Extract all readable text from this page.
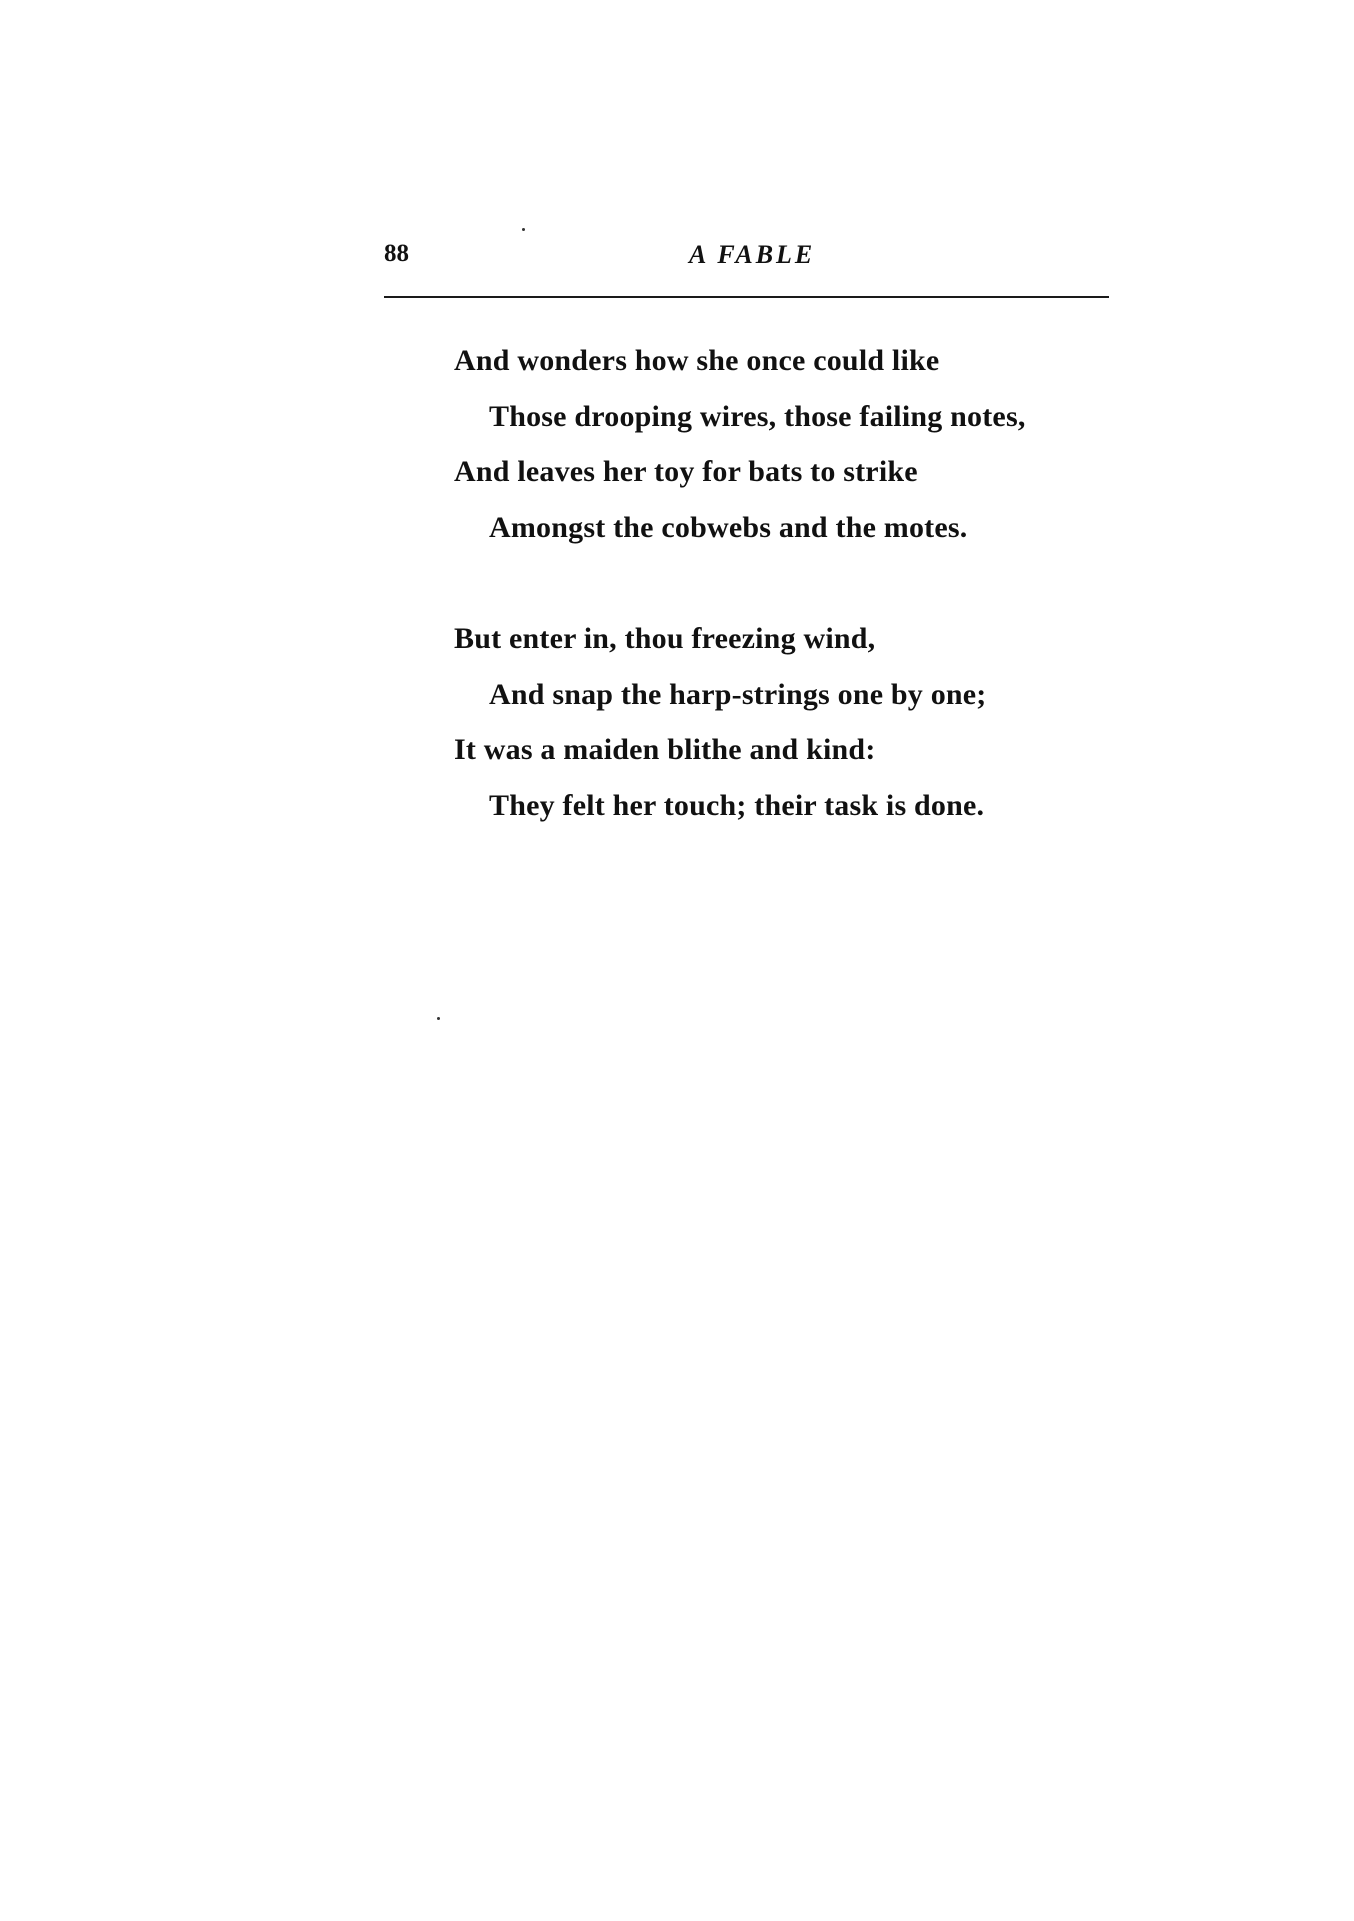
88	A FABLE
And wonders how she once could like
Those drooping wires, those failing notes,
And leaves her toy for bats to strike
Amongst the cobwebs and the motes.
But enter in, thou freezing wind,
And snap the harp-strings one by one;
It was a maiden blithe and kind:
They felt her touch; their task is done.
